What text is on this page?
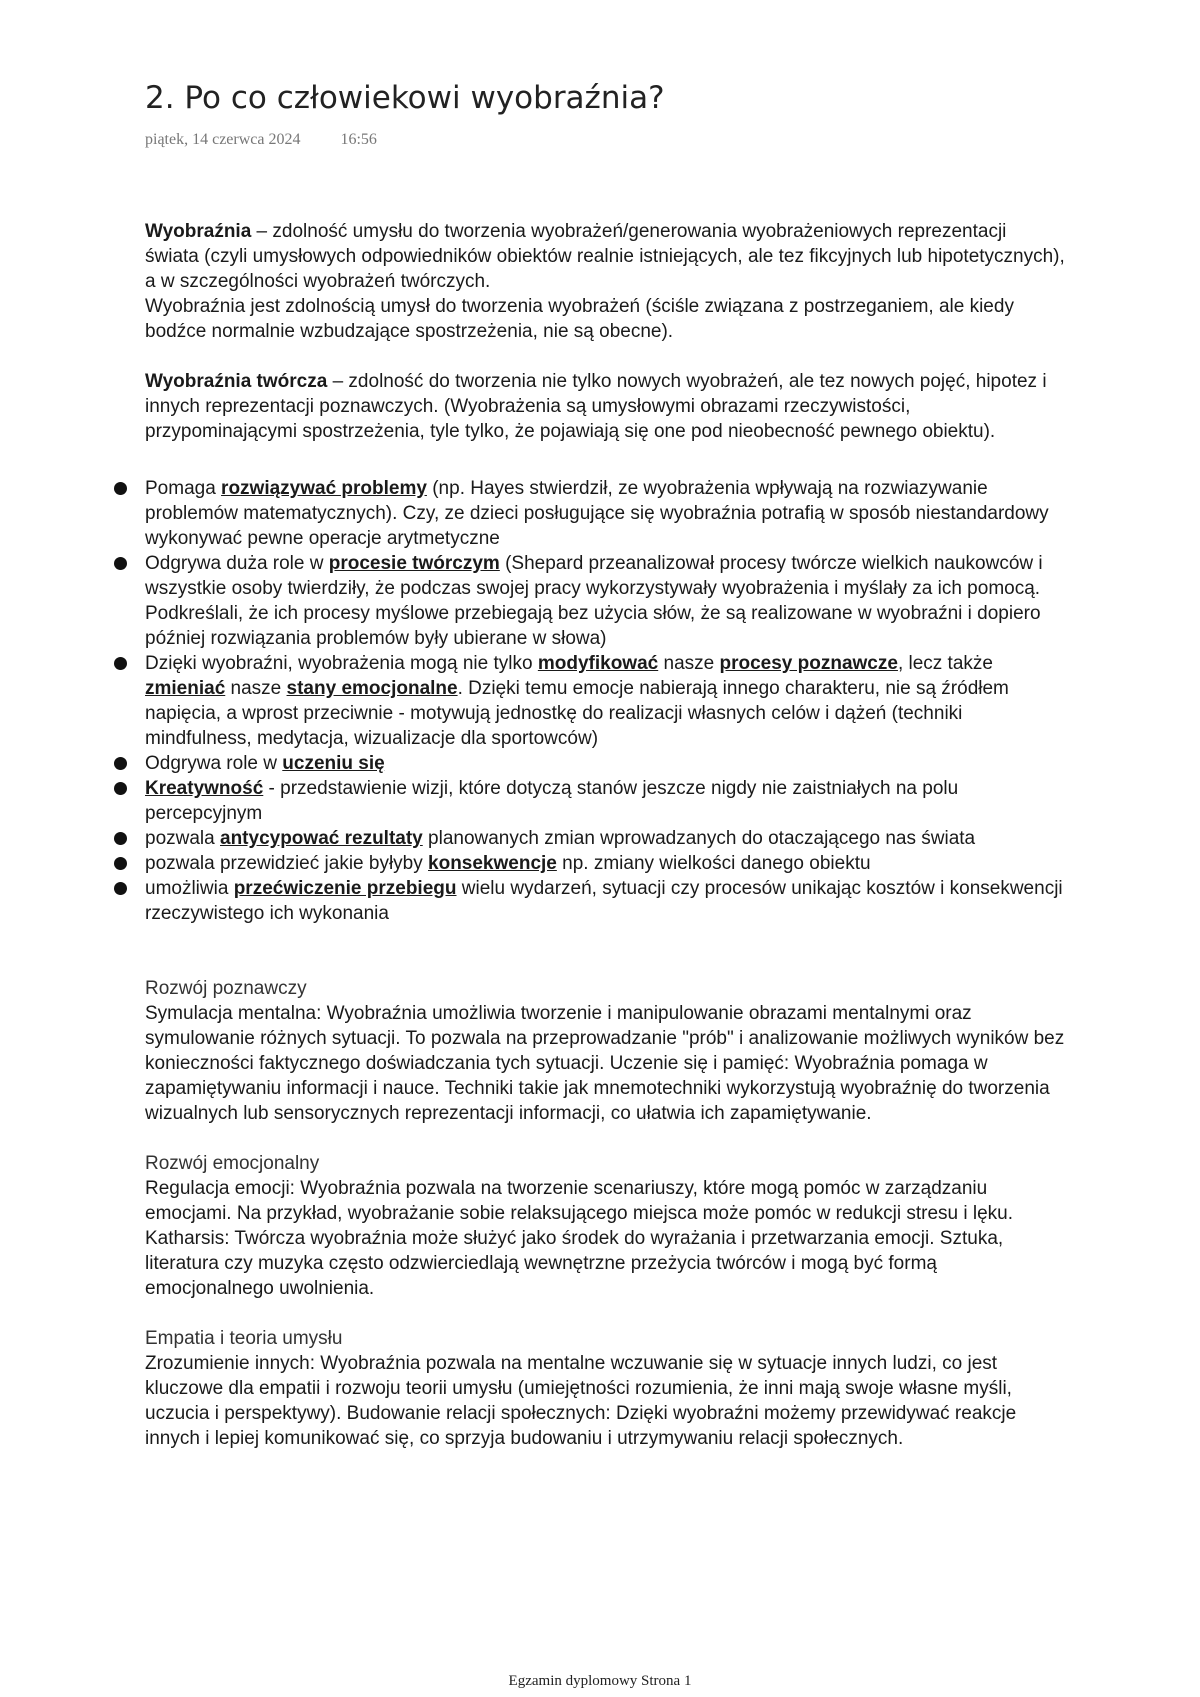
2. Po co człowiekowi wyobraźnia?
piątek, 14 czerwca 2024	16:56

Wyobraźnia – zdolność umysłu do tworzenia wyobrażeń/generowania wyobrażeniowych reprezentacji świata (czyli umysłowych odpowiedników obiektów realnie istniejących, ale tez fikcyjnych lub hipotetycznych), a w szczególności wyobrażeń twórczych.
Wyobraźnia jest zdolnością umysł do tworzenia wyobrażeń (ściśle związana z postrzeganiem, ale kiedy bodźce normalnie wzbudzające spostrzeżenia, nie są obecne).

Wyobraźnia twórcza – zdolność do tworzenia nie tylko nowych wyobrażeń, ale tez nowych pojęć, hipotez i innych reprezentacji poznawczych. (Wyobrażenia są umysłowymi obrazami rzeczywistości, przypominającymi spostrzeżenia, tyle tylko, że pojawiają się one pod nieobecność pewnego obiektu).

Pomaga rozwiązywać problemy (np. Hayes stwierdził, ze wyobrażenia wpływają na rozwiazywanie problemów matematycznych). Czy, ze dzieci posługujące się wyobraźnia potrafią w sposób niestandardowy wykonywać pewne operacje arytmetyczne
Odgrywa duża role w procesie twórczym (Shepard przeanalizował procesy twórcze wielkich naukowców i wszystkie osoby twierdziły, że podczas swojej pracy wykorzystywały wyobrażenia i myślały za ich pomocą. Podkreślali, że ich procesy myślowe przebiegają bez użycia słów, że są realizowane w wyobraźni i dopiero później rozwiązania problemów były ubierane w słowa)
Dzięki wyobraźni, wyobrażenia mogą nie tylko modyfikować nasze procesy poznawcze, lecz także zmieniać nasze stany emocjonalne. Dzięki temu emocje nabierają innego charakteru, nie są źródłem napięcia, a wprost przeciwnie - motywują jednostkę do realizacji własnych celów i dążeń (techniki mindfulness, medytacja, wizualizacje dla sportowców)
Odgrywa role w uczeniu się
Kreatywność - przedstawienie wizji, które dotyczą stanów jeszcze nigdy nie zaistniałych na polu percepcyjnym
pozwala antycypować rezultaty planowanych zmian wprowadzanych do otaczającego nas świata
pozwala przewidzieć jakie byłyby konsekwencje np. zmiany wielkości danego obiektu
umożliwia przećwiczenie przebiegu wielu wydarzeń, sytuacji czy procesów unikając kosztów i konsekwencji rzeczywistego ich wykonania

Rozwój poznawczy

Symulacja mentalna: Wyobraźnia umożliwia tworzenie i manipulowanie obrazami mentalnymi oraz symulowanie różnych sytuacji. To pozwala na przeprowadzanie "prób" i analizowanie możliwych wyników bez konieczności faktycznego doświadczania tych sytuacji. Uczenie się i pamięć: Wyobraźnia pomaga w zapamiętywaniu informacji i nauce. Techniki takie jak mnemotechniki wykorzystują wyobraźnię do tworzenia wizualnych lub sensorycznych reprezentacji informacji, co ułatwia ich zapamiętywanie.

Rozwój emocjonalny

Regulacja emocji: Wyobraźnia pozwala na tworzenie scenariuszy, które mogą pomóc w zarządzaniu emocjami. Na przykład, wyobrażanie sobie relaksującego miejsca może pomóc w redukcji stresu i lęku. Katharsis: Twórcza wyobraźnia może służyć jako środek do wyrażania i przetwarzania emocji. Sztuka, literatura czy muzyka często odzwierciedlają wewnętrzne przeżycia twórców i mogą być formą emocjonalnego uwolnienia.

Empatia i teoria umysłu

Zrozumienie innych: Wyobraźnia pozwala na mentalne wczuwanie się w sytuacje innych ludzi, co jest kluczowe dla empatii i rozwoju teorii umysłu (umiejętności rozumienia, że inni mają swoje własne myśli, uczucia i perspektywy). Budowanie relacji społecznych: Dzięki wyobraźni możemy przewidywać reakcje innych i lepiej komunikować się, co sprzyja budowaniu i utrzymywaniu relacji społecznych.

Egzamin dyplomowy Strona 1
